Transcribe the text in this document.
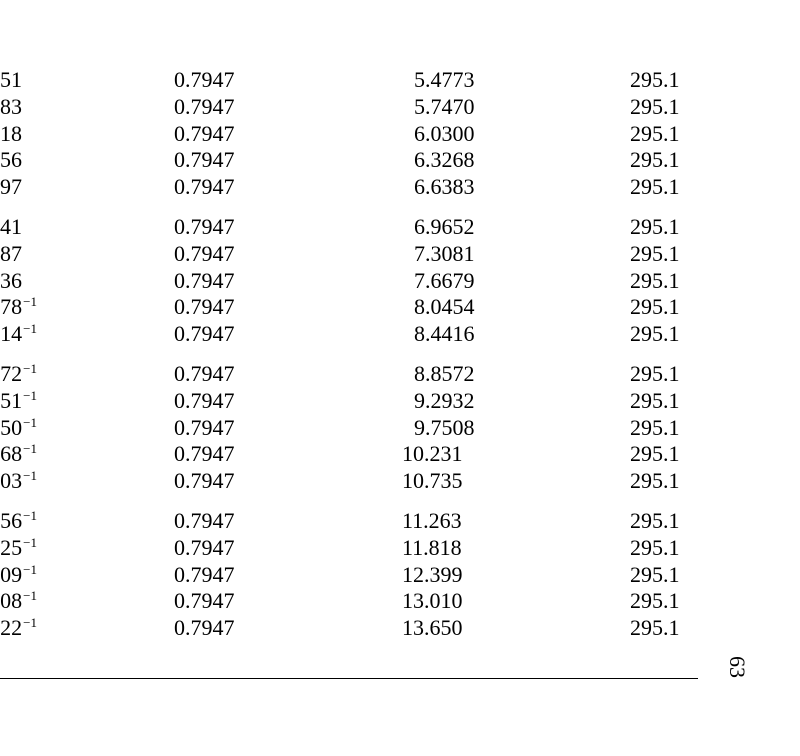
51	0.7947	5.4773	295.1
83	0.7947	5.7470	295.1
18	0.7947	6.0300	295.1
56	0.7947	6.3268	295.1
97	0.7947	6.6383	295.1
41	0.7947	6.9652	295.1
87	0.7947	7.3081	295.1
36	0.7947	7.6679	295.1
$78^{-1}$	0.7947	8.0454	295.1
$14^{-1}$	0.7947	8.4416	295.1
$72^{-1}$	0.7947	8.8572	295.1
$51^{-1}$	0.7947	9.2932	295.1
$50^{-1}$	0.7947	9.7508	295.1
$68^{-1}$	0.7947	10.231	295.1
$03^{-1}$	0.7947	10.735	295.1
$56^{-1}$	0.7947	11.263	295.1
$25^{-1}$	0.7947	11.818	295.1
$09^{-1}$	0.7947	12.399	295.1
$08^{-1}$	0.7947	13.010	295.1
$22^{-1}$	0.7947	13.650	295.1
63
